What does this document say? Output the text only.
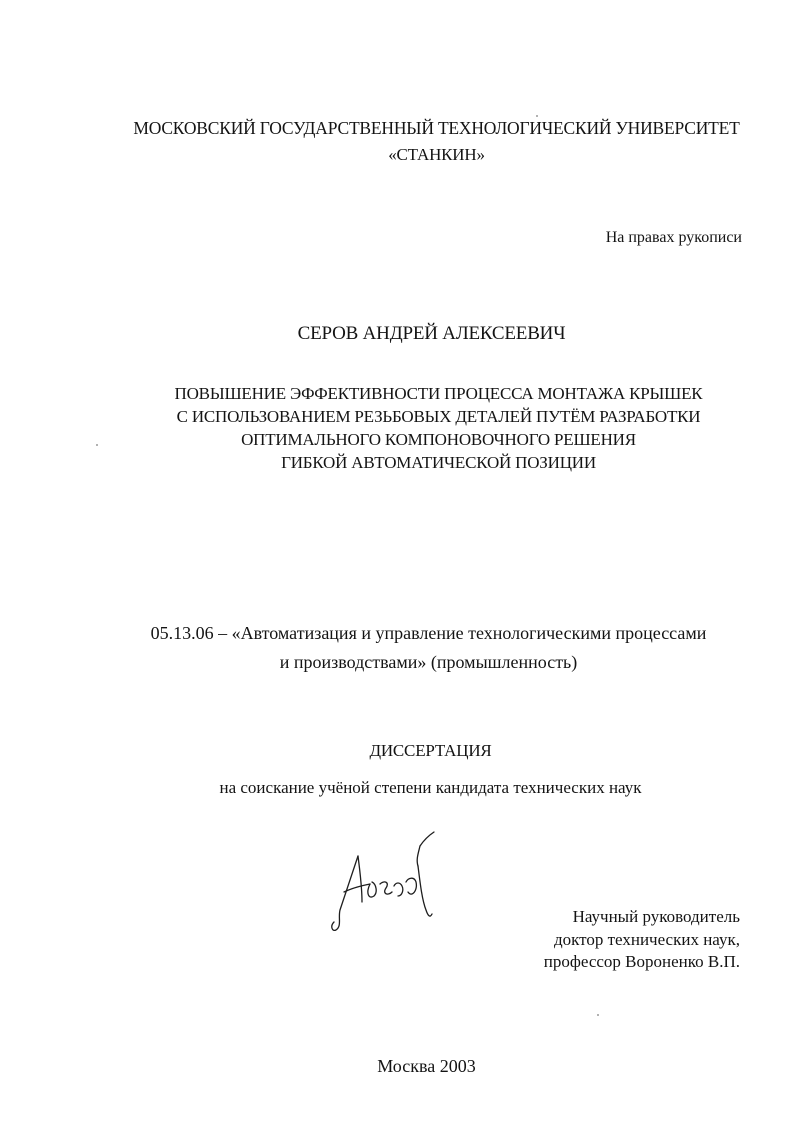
МОСКОВСКИЙ ГОСУДАРСТВЕННЫЙ ТЕХНОЛОГИЧЕСКИЙ УНИВЕРСИТЕТ
«СТАНКИН»
На правах рукописи
СЕРОВ АНДРЕЙ АЛЕКСЕЕВИЧ
ПОВЫШЕНИЕ ЭФФЕКТИВНОСТИ ПРОЦЕССА МОНТАЖА КРЫШЕК
С ИСПОЛЬЗОВАНИЕМ РЕЗЬБОВЫХ ДЕТАЛЕЙ ПУТЁМ РАЗРАБОТКИ
ОПТИМАЛЬНОГО КОМПОНОВОЧНОГО РЕШЕНИЯ
ГИБКОЙ АВТОМАТИЧЕСКОЙ ПОЗИЦИИ
05.13.06 – «Автоматизация и управление технологическими процессами
и производствами» (промышленность)
ДИССЕРТАЦИЯ
на соискание учёной степени кандидата технических наук
Научный руководитель
доктор технических наук,
профессор Вороненко В.П.
Москва 2003
